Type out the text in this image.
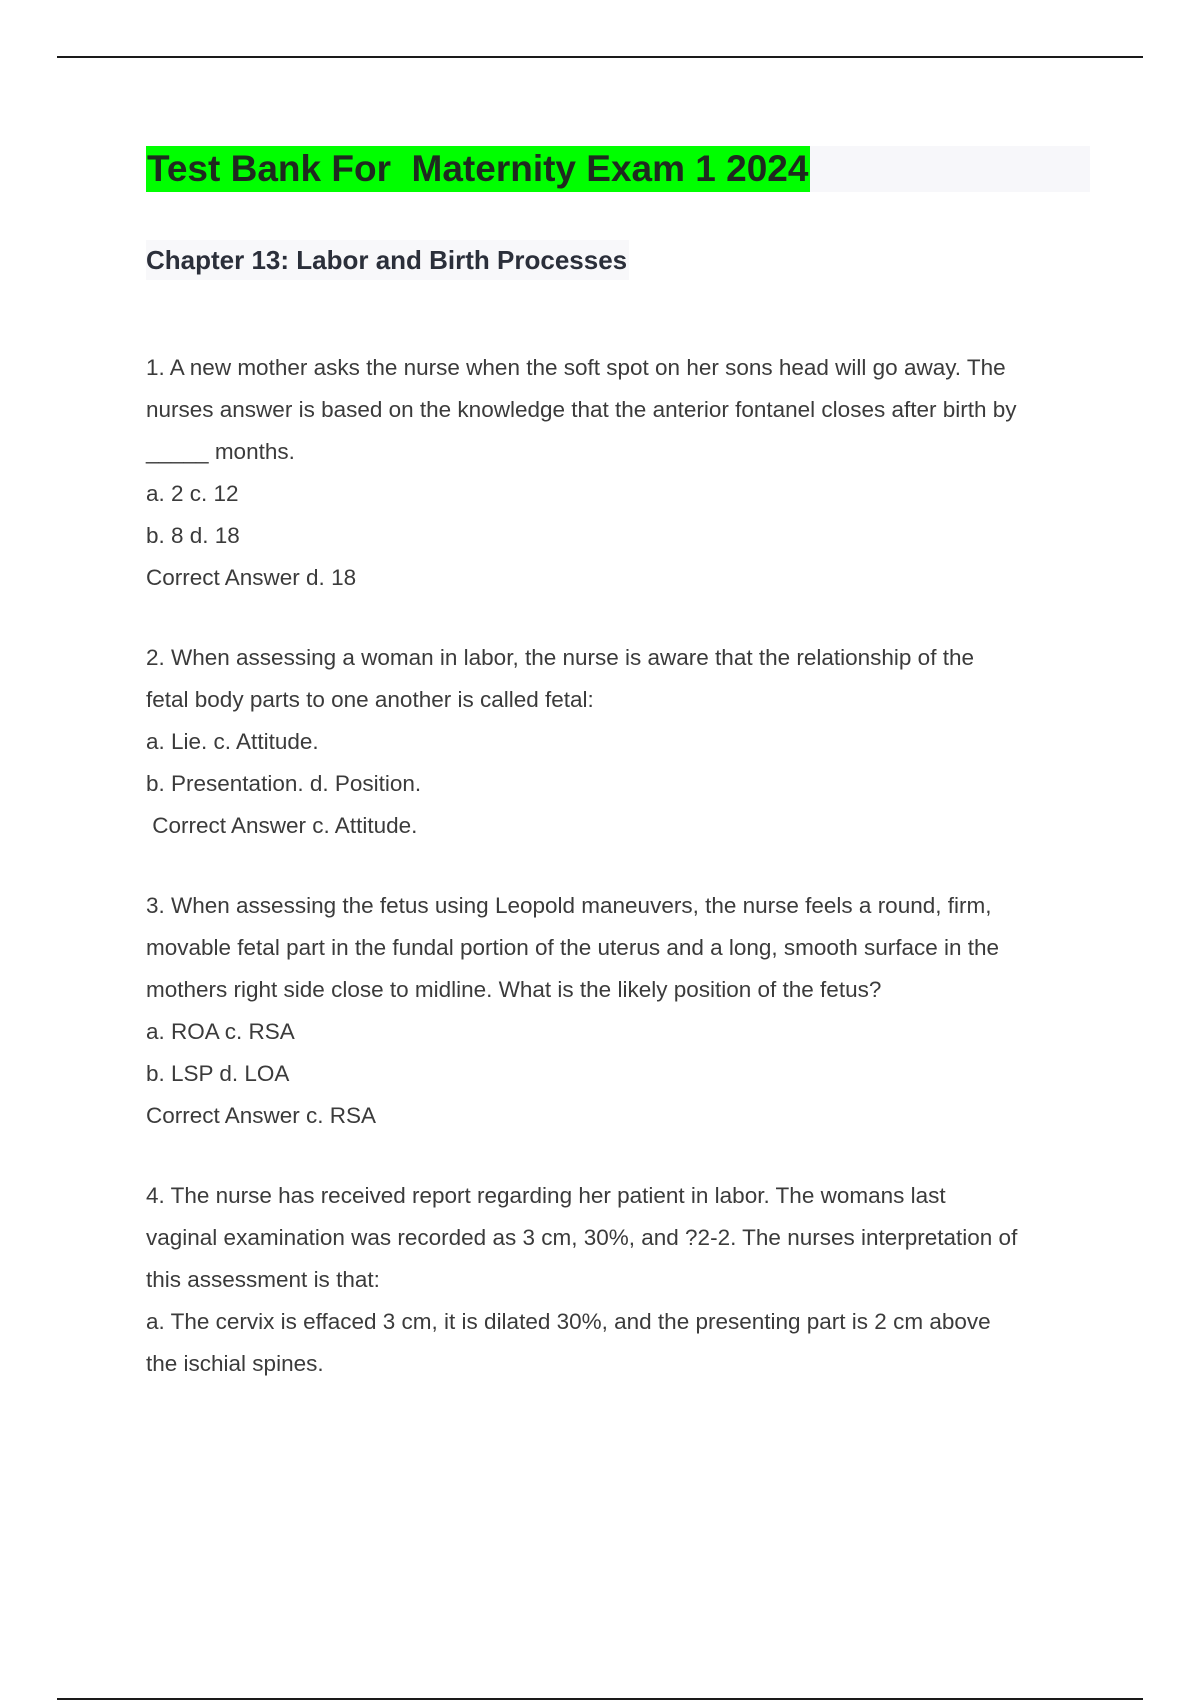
Test Bank For  Maternity Exam 1 2024
Chapter 13: Labor and Birth Processes
1. A new mother asks the nurse when the soft spot on her sons head will go away. The
nurses answer is based on the knowledge that the anterior fontanel closes after birth by
_____ months.
a. 2 c. 12
b. 8 d. 18
Correct Answer d. 18
2. When assessing a woman in labor, the nurse is aware that the relationship of the
fetal body parts to one another is called fetal:
a. Lie. c. Attitude.
b. Presentation. d. Position.
Correct Answer c. Attitude.
3. When assessing the fetus using Leopold maneuvers, the nurse feels a round, firm,
movable fetal part in the fundal portion of the uterus and a long, smooth surface in the
mothers right side close to midline. What is the likely position of the fetus?
a. ROA c. RSA
b. LSP d. LOA
Correct Answer c. RSA
4. The nurse has received report regarding her patient in labor. The womans last
vaginal examination was recorded as 3 cm, 30%, and ?2-2. The nurses interpretation of
this assessment is that:
a. The cervix is effaced 3 cm, it is dilated 30%, and the presenting part is 2 cm above
the ischial spines.
